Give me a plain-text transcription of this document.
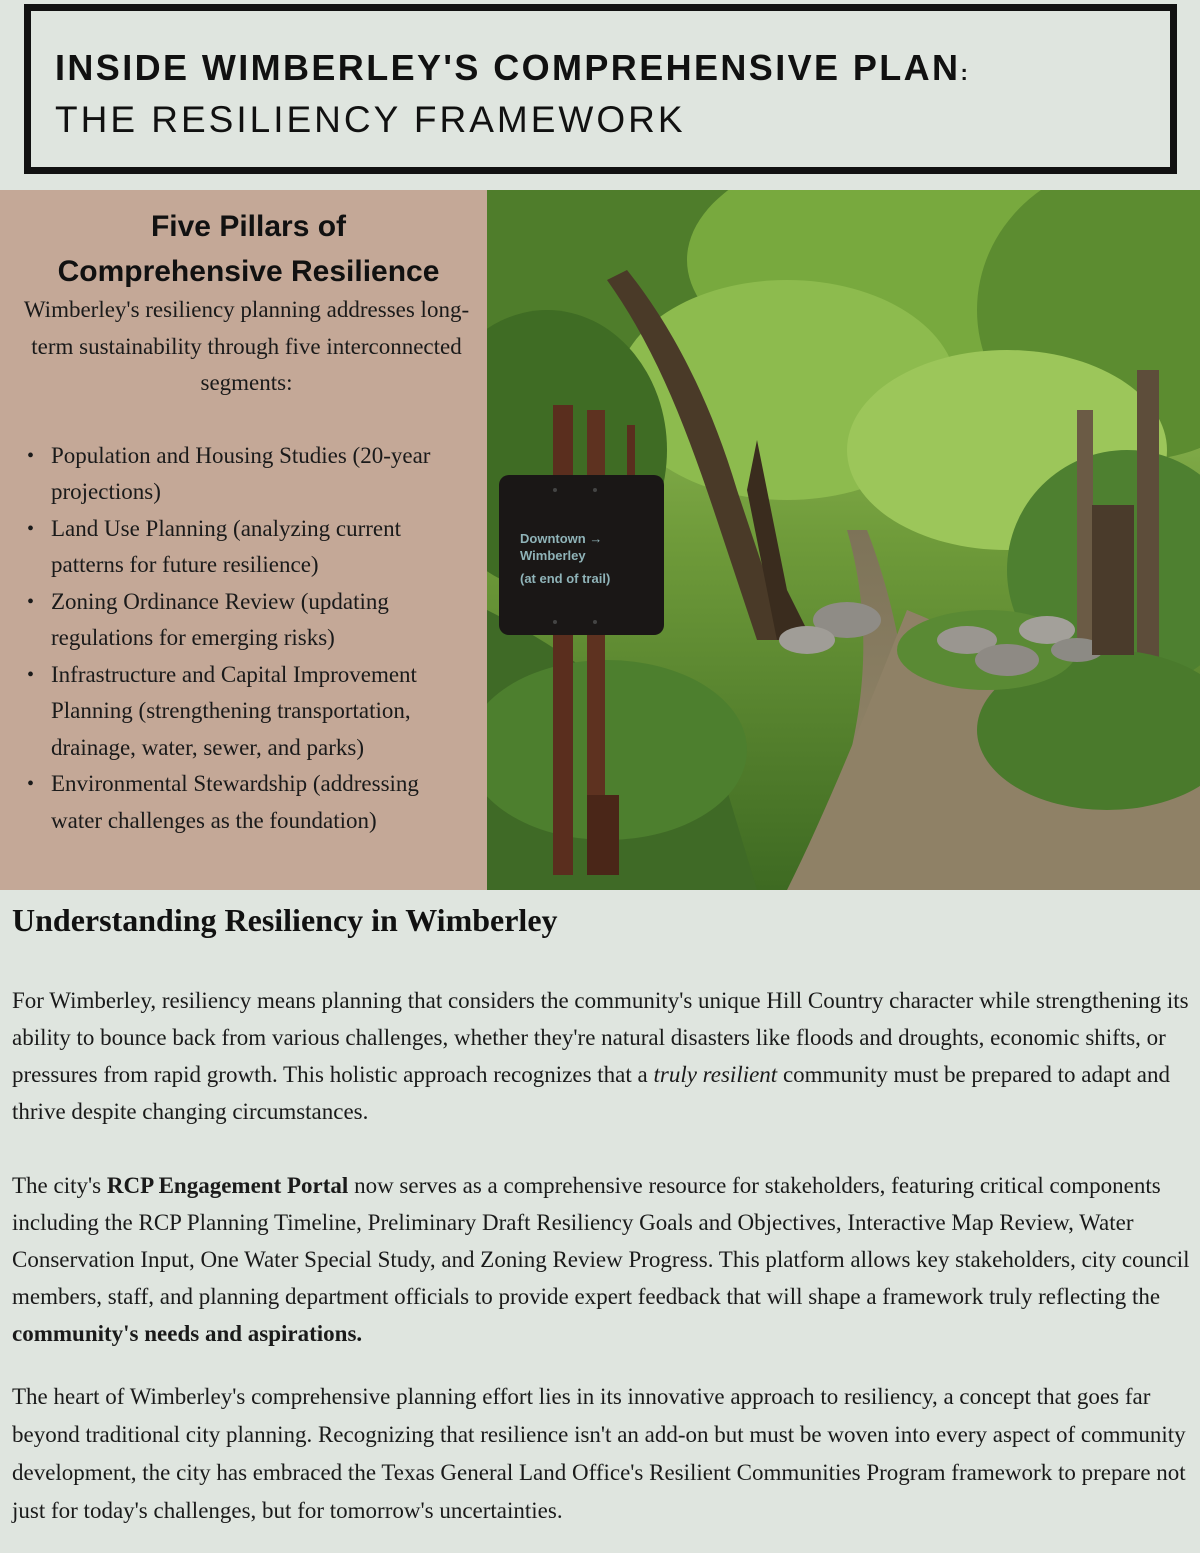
INSIDE WIMBERLEY'S COMPREHENSIVE PLAN:
THE RESILIENCY FRAMEWORK
Five Pillars of
Comprehensive Resilience

Wimberley's resiliency planning addresses long-term sustainability through five interconnected segments:

• Population and Housing Studies (20-year projections)
• Land Use Planning (analyzing current patterns for future resilience)
• Zoning Ordinance Review (updating regulations for emerging risks)
• Infrastructure and Capital Improvement Planning (strengthening transportation, drainage, water, sewer, and parks)
• Environmental Stewardship (addressing water challenges as the foundation)
Downtown →
Wimberley
(at end of trail)
Understanding Resiliency in Wimberley

For Wimberley, resiliency means planning that considers the community's unique Hill Country character while strengthening its ability to bounce back from various challenges, whether they're natural disasters like floods and droughts, economic shifts, or pressures from rapid growth. This holistic approach recognizes that a truly resilient community must be prepared to adapt and thrive despite changing circumstances.

The city's RCP Engagement Portal now serves as a comprehensive resource for stakeholders, featuring critical components including the RCP Planning Timeline, Preliminary Draft Resiliency Goals and Objectives, Interactive Map Review, Water Conservation Input, One Water Special Study, and Zoning Review Progress. This platform allows key stakeholders, city council members, staff, and planning department officials to provide expert feedback that will shape a framework truly reflecting the community's needs and aspirations.

The heart of Wimberley's comprehensive planning effort lies in its innovative approach to resiliency, a concept that goes far beyond traditional city planning. Recognizing that resilience isn't an add-on but must be woven into every aspect of community development, the city has embraced the Texas General Land Office's Resilient Communities Program framework to prepare not just for today's challenges, but for tomorrow's uncertainties.
